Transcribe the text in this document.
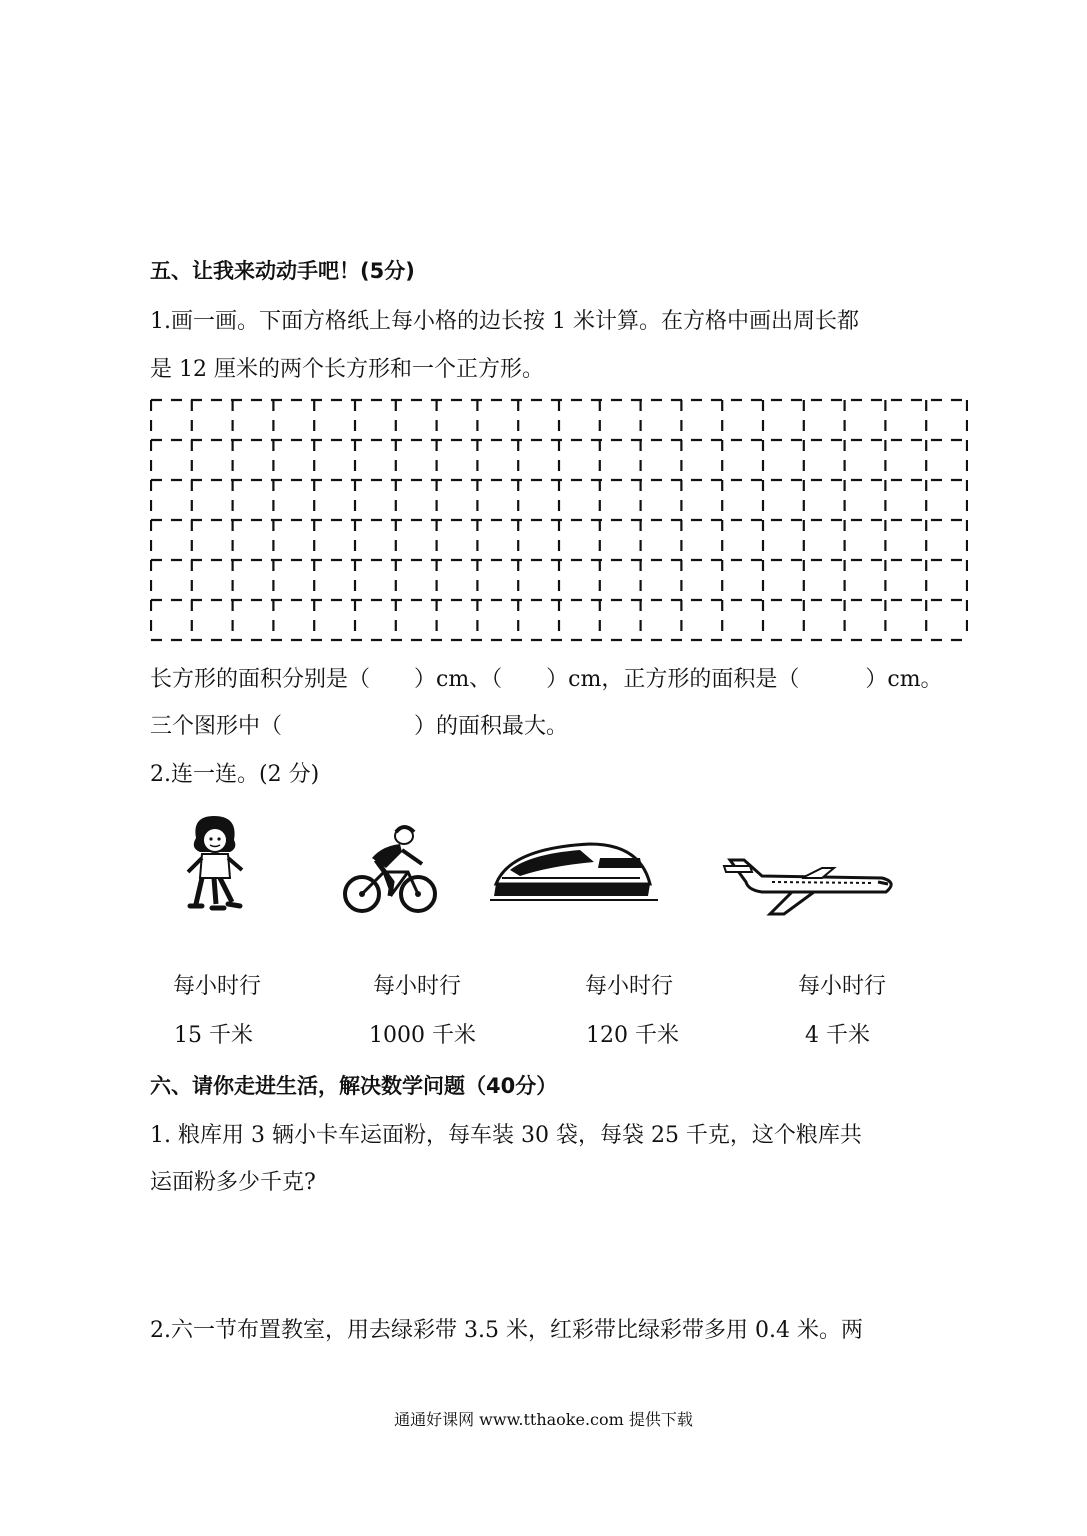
五、让我来动动手吧！(5分)
1.画一画。下面方格纸上每小格的边长按 1 米计算。在方格中画出周长都
是 12 厘米的两个长方形和一个正方形。
长方形的面积分别是（　　）cm、（　　）cm，正方形的面积是（　　　）cm。
三个图形中（　　　　　　）的面积最大。
2.连一连。(2 分)
每小时行	每小时行	每小时行	每小时行
15 千米	1000 千米	120 千米	4 千米
六、请你走进生活，解决数学问题（40分）
1. 粮库用 3 辆小卡车运面粉，每车装 30 袋，每袋 25 千克，这个粮库共
运面粉多少千克?
2.六一节布置教室，用去绿彩带 3.5 米，红彩带比绿彩带多用 0.4 米。两
通通好课网 www.tthaoke.com 提供下载
